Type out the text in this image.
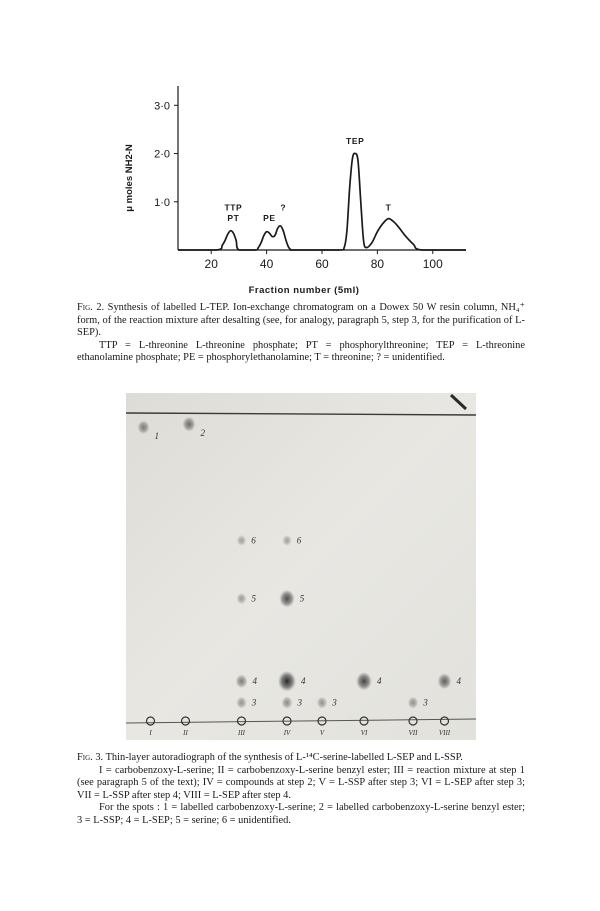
3·0
2·0
1·0
20	40	60	80	100
TTP
PT	PE
?
TEP
T
μ moles NH2-N
Fraction number (5ml)

Fig. 2. Synthesis of labelled L-TEP. Ion-exchange chromatogram on a Dowex 50 W resin column, NH₄⁺ form, of the reaction mixture after desalting (see, for analogy, paragraph 5, step 3, for the purification of L-SEP).

TTP = L-threonine L-threonine phosphate; PT = phosphorylthreonine; TEP = L-threonine ethanolamine phosphate; PE = phosphorylethanolamine; T = threonine; ? = unidentified.

1	2
6	6
5	5
4	4	4	4
3	3	3	3
I	II	III	IV	V	VI	VII	VIII

Fig. 3. Thin-layer autoradiograph of the synthesis of L-¹⁴C-serine-labelled L-SEP and L-SSP.

I = carbobenzoxy-L-serine; II = carbobenzoxy-L-serine benzyl ester; III = reaction mixture at step 1 (see paragraph 5 of the text); IV = compounds at step 2; V = L-SSP after step 3; VI = L-SEP after step 3; VII = L-SSP after step 4; VIII = L-SEP after step 4.

For the spots : 1 = labelled carbobenzoxy-L-serine; 2 = labelled carbobenzoxy-L-serine benzyl ester; 3 = L-SSP; 4 = L-SEP; 5 = serine; 6 = unidentified.
